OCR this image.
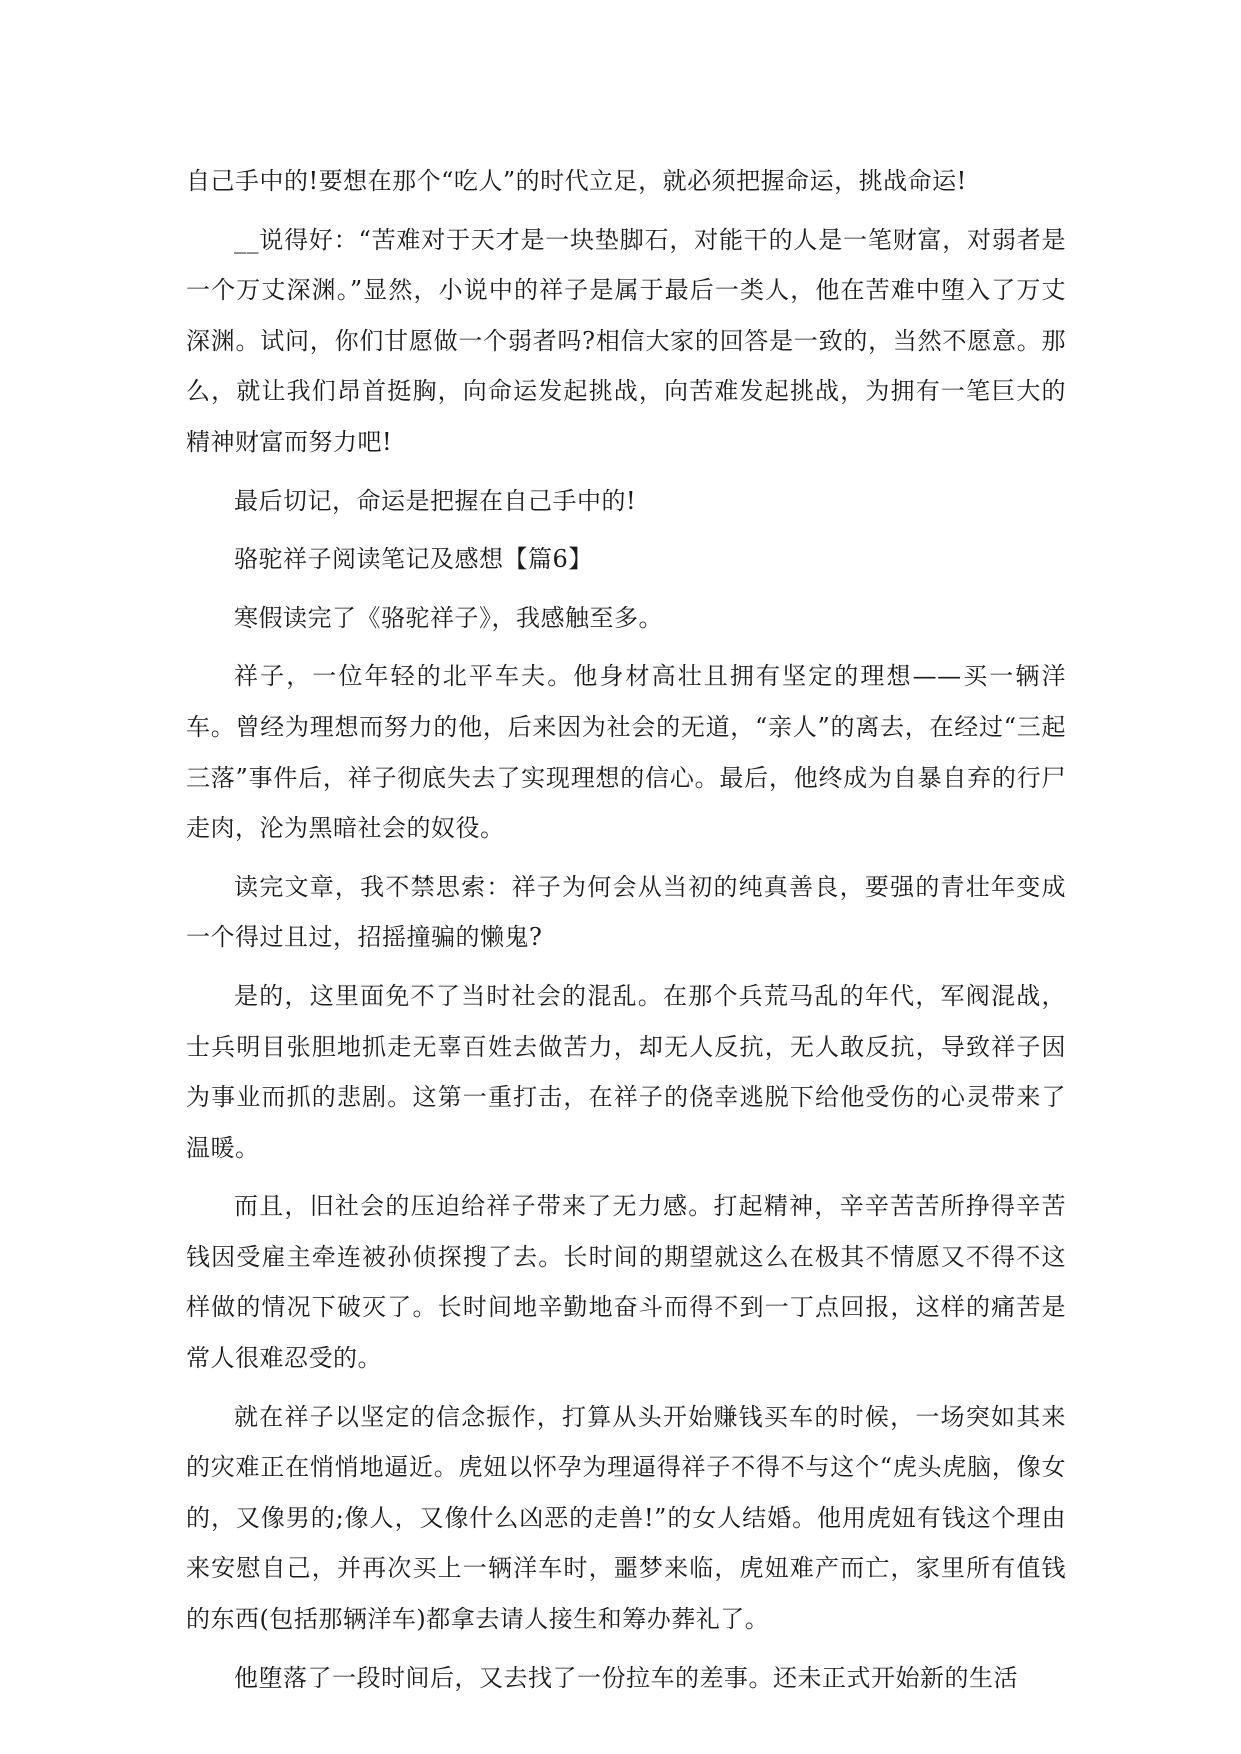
自己手中的!要想在那个“吃人”的时代立足，就必须把握命运，挑战命运!

__说得好：“苦难对于天才是一块垫脚石，对能干的人是一笔财富，对弱者是一个万丈深渊。”显然，小说中的祥子是属于最后一类人，他在苦难中堕入了万丈深渊。试问，你们甘愿做一个弱者吗?相信大家的回答是一致的，当然不愿意。那么，就让我们昂首挺胸，向命运发起挑战，向苦难发起挑战，为拥有一笔巨大的精神财富而努力吧!

最后切记，命运是把握在自己手中的!

骆驼祥子阅读笔记及感想【篇6】

寒假读完了《骆驼祥子》，我感触至多。

祥子，一位年轻的北平车夫。他身材高壮且拥有坚定的理想——买一辆洋车。曾经为理想而努力的他，后来因为社会的无道，“亲人”的离去，在经过“三起三落”事件后，祥子彻底失去了实现理想的信心。最后，他终成为自暴自弃的行尸走肉，沦为黑暗社会的奴役。

读完文章，我不禁思索：祥子为何会从当初的纯真善良，要强的青壮年变成一个得过且过，招摇撞骗的懒鬼?

是的，这里面免不了当时社会的混乱。在那个兵荒马乱的年代，军阀混战，士兵明目张胆地抓走无辜百姓去做苦力，却无人反抗，无人敢反抗，导致祥子因为事业而抓的悲剧。这第一重打击，在祥子的侥幸逃脱下给他受伤的心灵带来了温暖。

而且，旧社会的压迫给祥子带来了无力感。打起精神，辛辛苦苦所挣得辛苦钱因受雇主牵连被孙侦探搜了去。长时间的期望就这么在极其不情愿又不得不这样做的情况下破灭了。长时间地辛勤地奋斗而得不到一丁点回报，这样的痛苦是常人很难忍受的。

就在祥子以坚定的信念振作，打算从头开始赚钱买车的时候，一场突如其来的灾难正在悄悄地逼近。虎妞以怀孕为理逼得祥子不得不与这个“虎头虎脑，像女的，又像男的;像人，又像什么凶恶的走兽!”的女人结婚。他用虎妞有钱这个理由来安慰自己，并再次买上一辆洋车时，噩梦来临，虎妞难产而亡，家里所有值钱的东西(包括那辆洋车)都拿去请人接生和筹办葬礼了。

他堕落了一段时间后，又去找了一份拉车的差事。还未正式开始新的生活
